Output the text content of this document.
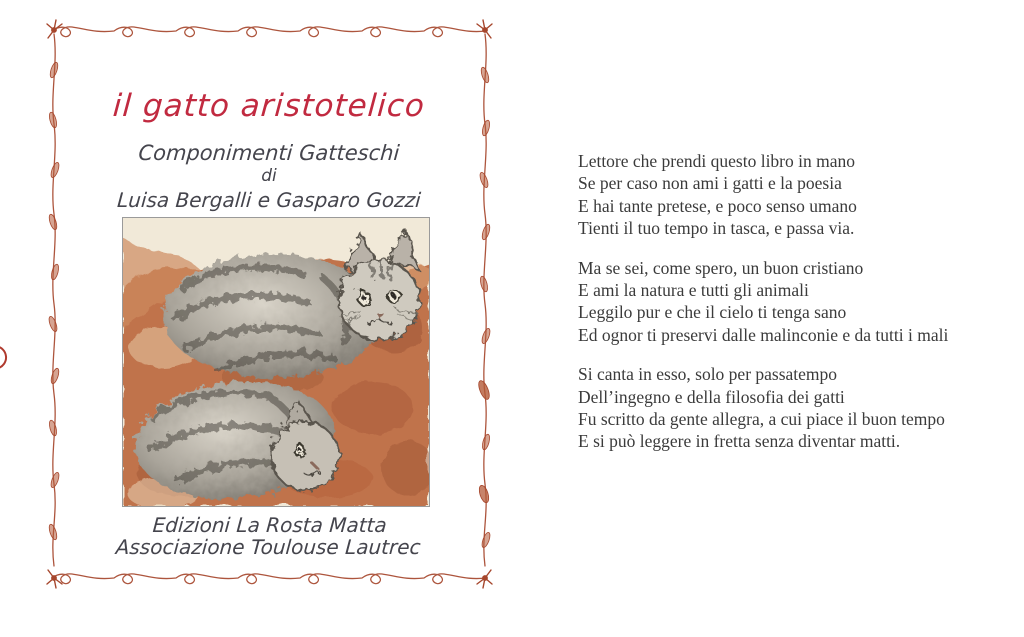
il gatto aristotelico
Componimenti Gatteschi
di
Luisa Bergalli e Gasparo Gozzi
Edizioni La Rosta Matta
Associazione Toulouse Lautrec

Lettore che prendi questo libro in mano

Se per caso non ami i gatti e la poesia

E hai tante pretese, e poco senso umano

Tienti il tuo tempo in tasca, e passa via.

Ma se sei, come spero, un buon cristiano

E ami la natura e tutti gli animali

Leggilo pur e che il cielo ti tenga sano

Ed ognor ti preservi dalle malinconie e da tutti i mali

Si canta in esso, solo per passatempo

Dell’ingegno e della filosofia dei gatti

Fu scritto da gente allegra, a cui piace il buon tempo

E si può leggere in fretta senza diventar matti.
